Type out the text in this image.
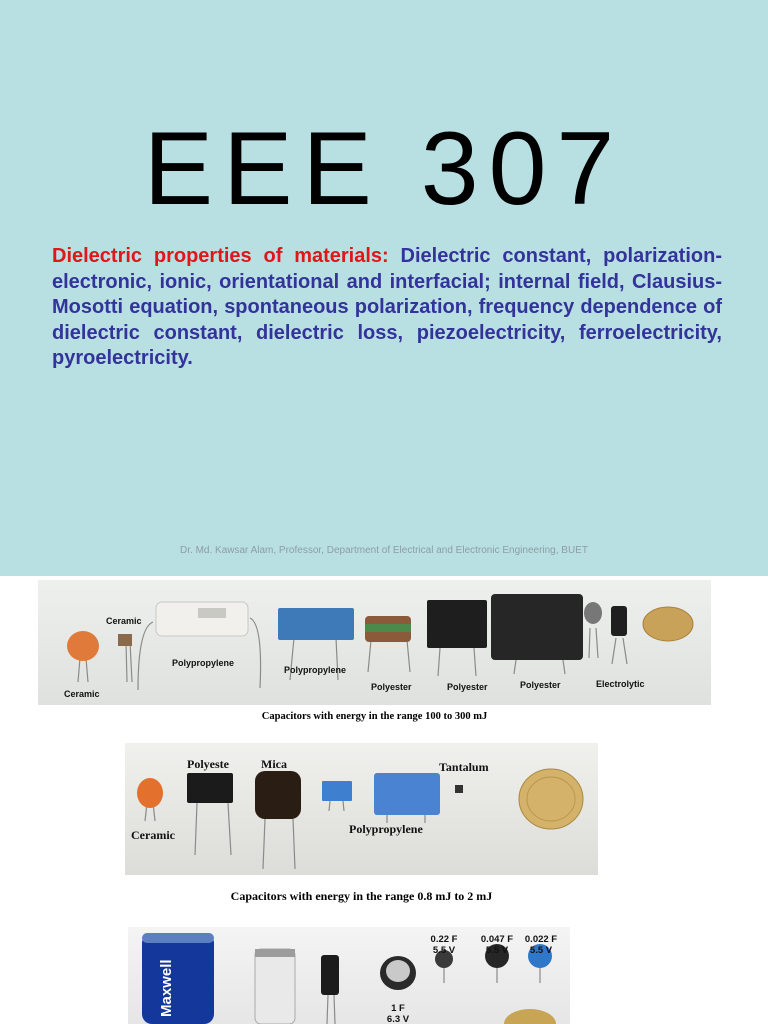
EEE 307
Dielectric properties of materials: Dielectric constant, polarization- electronic, ionic, orientational and interfacial; internal field, Clausius-Mosotti equation, spontaneous polarization, frequency dependence of dielectric constant, dielectric loss, piezoelectricity, ferroelectricity, pyroelectricity.
Dr. Md. Kawsar Alam, Professor, Department of Electrical and Electronic Engineering, BUET
Ceramic
Ceramic
Polypropylene
Polypropylene
Polyester	Polyester	Polyester	Electrolytic
Capacitors with energy in the range 100 to 300 mJ
Polyeste	Mica	Tantalum
Ceramic	Polypropylene
Capacitors with energy in the range 0.8 mJ to 2 mJ
Maxwell	1 F
6.3 V
0.22 F
5.5 V
0.047 F
5.5 V
0.022 F
5.5 V
